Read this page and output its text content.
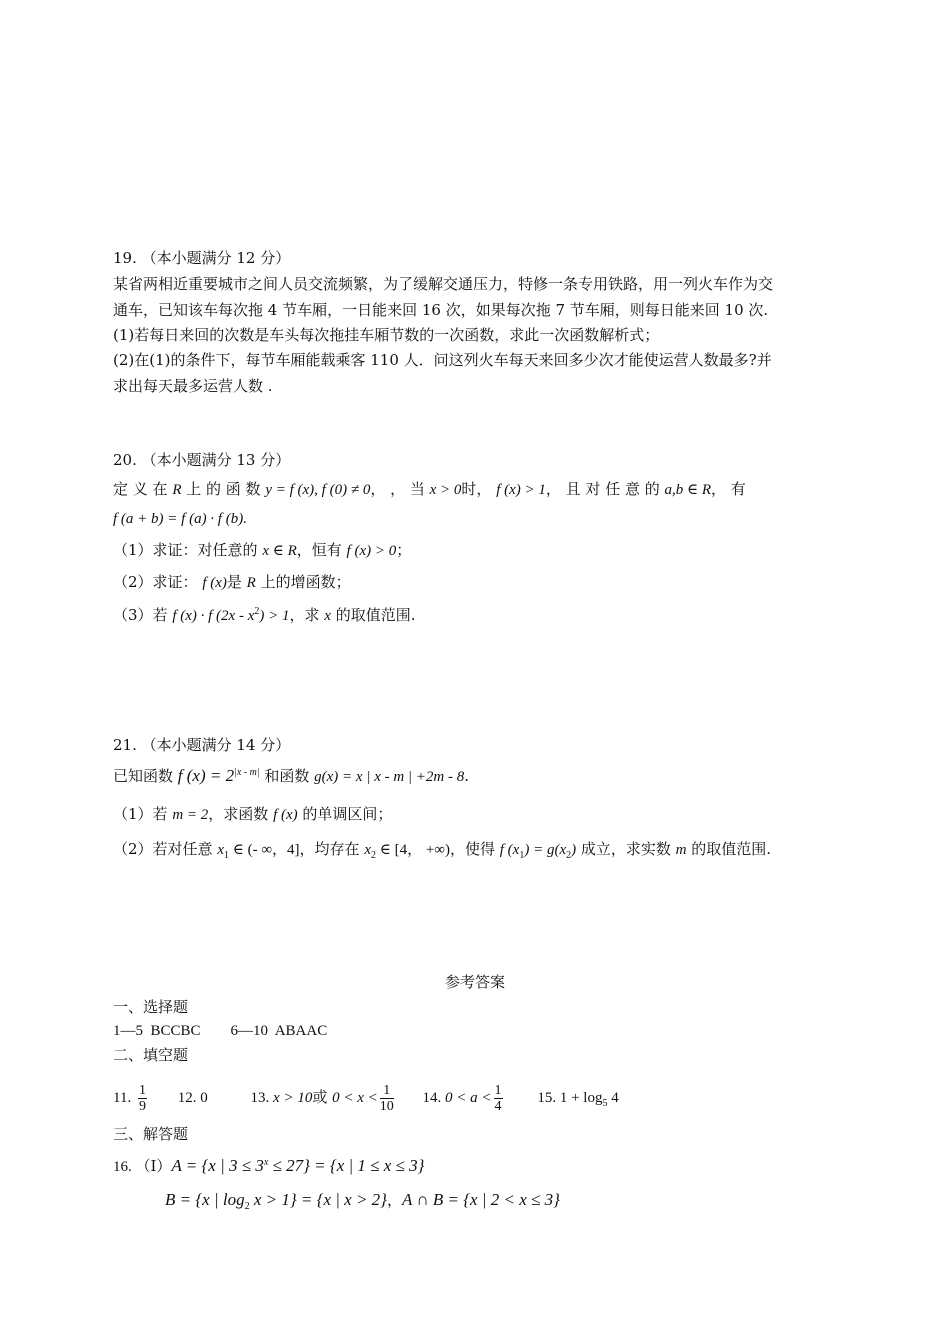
19. （本小题满分 12 分）
某省两相近重要城市之间人员交流频繁，为了缓解交通压力，特修一条专用铁路，用一列火车作为交
通车，已知该车每次拖 4 节车厢，一日能来回 16 次，如果每次拖 7 节车厢，则每日能来回 10 次.
(1)若每日来回的次数是车头每次拖挂车厢节数的一次函数，求此一次函数解析式；
(2)在(1)的条件下，每节车厢能载乘客 110 人．问这列火车每天来回多少次才能使运营人数最多?并
求出每天最多运营人数 .
20. （本小题满分 13 分）
定 义 在 R 上 的 函 数 y = f (x), f (0) ≠ 0， ， 当 x > 0时， f (x) > 1， 且 对 任 意 的 a,b ∈ R， 有
f (a + b) = f (a) · f (b).
（1）求证：对任意的 x ∈ R，恒有 f (x) > 0；
（2）求证： f (x)是 R 上的增函数；
（3）若 f (x) · f $(2x - x^2) > 1$，求 x 的取值范围.
21. （本小题满分 14 分）
已知函数 f $(x) = 2^{|x - m|}$ 和函数 g(x) = x | x - m | +2m - 8.
（1）若 m = 2，求函数 f (x) 的单调区间；
（2）若对任意 $x_1$ ∈ (- ∞，4]，均存在 $x_2$ ∈ [4， +∞)，使得 f $(x_1) = g(x_2)$ 成立，求实数 m 的取值范围.
参考答案
一、选择题
1—5  BCCBC        6—10  ABAAC
二、填空题
11. $\frac{1}{9} 12$. 0	13. x > 10或 $0 < x < \frac{1}{10} 14$. $0 < a < \frac{1}{4} 15$. $1 + \log_5 4$
三、解答题
16. （Ⅰ）A = {x | $3 \le 3^x \le 27\} = \{x$ | 1 ≤ x ≤ 3}
B = {x | $\log_2 x > 1\} = \{x$ | x > 2}，A ∩ B = {x | 2 < x ≤ 3}
